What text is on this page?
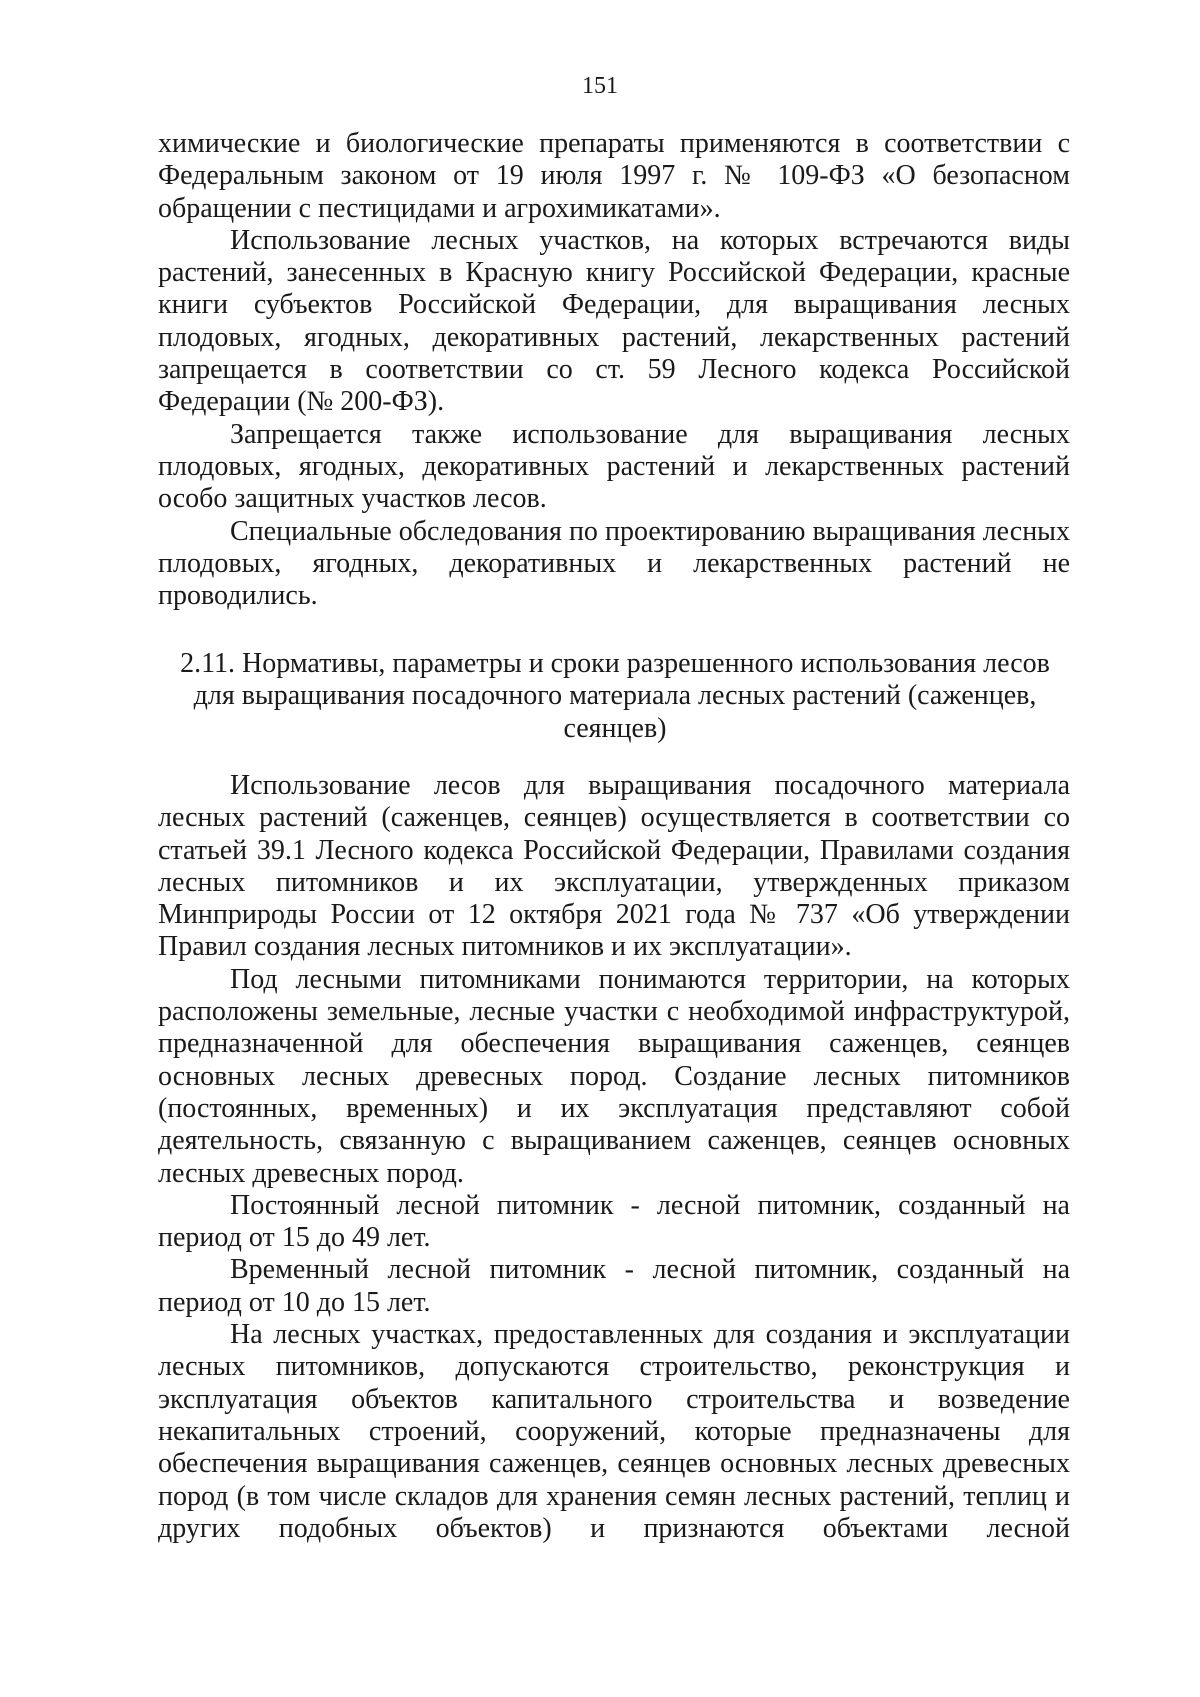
151

химические и биологические препараты применяются в соответствии с Федеральным законом от 19 июля 1997 г. № 109-ФЗ «О безопасном обращении с пестицидами и агрохимикатами».

Использование лесных участков, на которых встречаются виды растений, занесенных в Красную книгу Российской Федерации, красные книги субъектов Российской Федерации, для выращивания лесных плодовых, ягодных, декоративных растений, лекарственных растений запрещается в соответствии со ст. 59 Лесного кодекса Российской Федерации (№ 200-ФЗ).

Запрещается также использование для выращивания лесных плодовых, ягодных, декоративных растений и лекарственных растений особо защитных участков лесов.

Специальные обследования по проектированию выращивания лесных плодовых, ягодных, декоративных и лекарственных растений не проводились.

2.11. Нормативы, параметры и сроки разрешенного использования лесов для выращивания посадочного материала лесных растений (саженцев, сеянцев)

Использование лесов для выращивания посадочного материала лесных растений (саженцев, сеянцев) осуществляется в соответствии со статьей 39.1 Лесного кодекса Российской Федерации, Правилами создания лесных питомников и их эксплуатации, утвержденных приказом Минприроды России от 12 октября 2021 года № 737 «Об утверждении Правил создания лесных питомников и их эксплуатации».

Под лесными питомниками понимаются территории, на которых расположены земельные, лесные участки с необходимой инфраструктурой, предназначенной для обеспечения выращивания саженцев, сеянцев основных лесных древесных пород. Создание лесных питомников (постоянных, временных) и их эксплуатация представляют собой деятельность, связанную с выращиванием саженцев, сеянцев основных лесных древесных пород.

Постоянный лесной питомник - лесной питомник, созданный на период от 15 до 49 лет.

Временный лесной питомник - лесной питомник, созданный на период от 10 до 15 лет.

На лесных участках, предоставленных для создания и эксплуатации лесных питомников, допускаются строительство, реконструкция и эксплуатация объектов капитального строительства и возведение некапитальных строений, сооружений, которые предназначены для обеспечения выращивания саженцев, сеянцев основных лесных древесных пород (в том числе складов для хранения семян лесных растений, теплиц и других подобных объектов) и признаются объектами лесной
